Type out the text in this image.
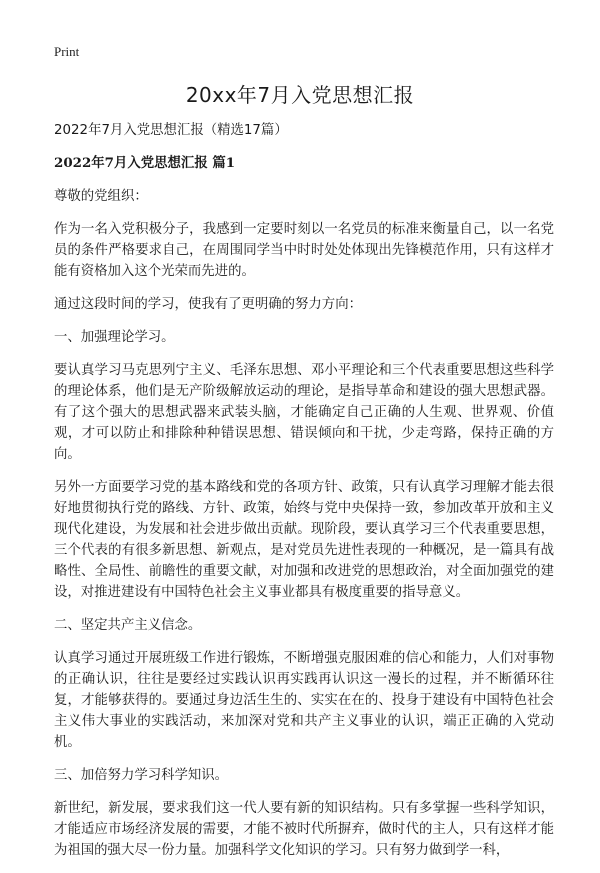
Print
20xx年7月入党思想汇报

2022年7月入党思想汇报（精选17篇）

2022年7月入党思想汇报 篇1

尊敬的党组织：

作为一名入党积极分子，我感到一定要时刻以一名党员的标准来衡量自己，以一名党员的条件严格要求自己，在周围同学当中时时处处体现出先锋模范作用，只有这样才能有资格加入这个光荣而先进的。

通过这段时间的学习，使我有了更明确的努力方向：

一、加强理论学习。

要认真学习马克思列宁主义、毛泽东思想、邓小平理论和三个代表重要思想这些科学的理论体系，他们是无产阶级解放运动的理论，是指导革命和建设的强大思想武器。有了这个强大的思想武器来武装头脑，才能确定自己正确的人生观、世界观、价值观，才可以防止和排除种种错误思想、错误倾向和干扰，少走弯路，保持正确的方向。

另外一方面要学习党的基本路线和党的各项方针、政策，只有认真学习理解才能去很好地贯彻执行党的路线、方针、政策，始终与党中央保持一致，参加改革开放和主义现代化建设，为发展和社会进步做出贡献。现阶段，要认真学习三个代表重要思想，三个代表的有很多新思想、新观点，是对党员先进性表现的一种概况，是一篇具有战略性、全局性、前瞻性的重要文献，对加强和改进党的思想政治，对全面加强党的建设，对推进建设有中国特色社会主义事业都具有极度重要的指导意义。

二、坚定共产主义信念。

认真学习通过开展班级工作进行锻炼，不断增强克服困难的信心和能力，人们对事物的正确认识，往往是要经过实践认识再实践再认识这一漫长的过程，并不断循环往复，才能够获得的。要通过身边活生生的、实实在在的、投身于建设有中国特色社会主义伟大事业的实践活动，来加深对党和共产主义事业的认识，端正正确的入党动机。

三、加倍努力学习科学知识。

新世纪，新发展，要求我们这一代人要有新的知识结构。只有多掌握一些科学知识，才能适应市场经济发展的需要，才能不被时代所摒弃，做时代的主人，只有这样才能为祖国的强大尽一份力量。加强科学文化知识的学习。只有努力做到学一科，
